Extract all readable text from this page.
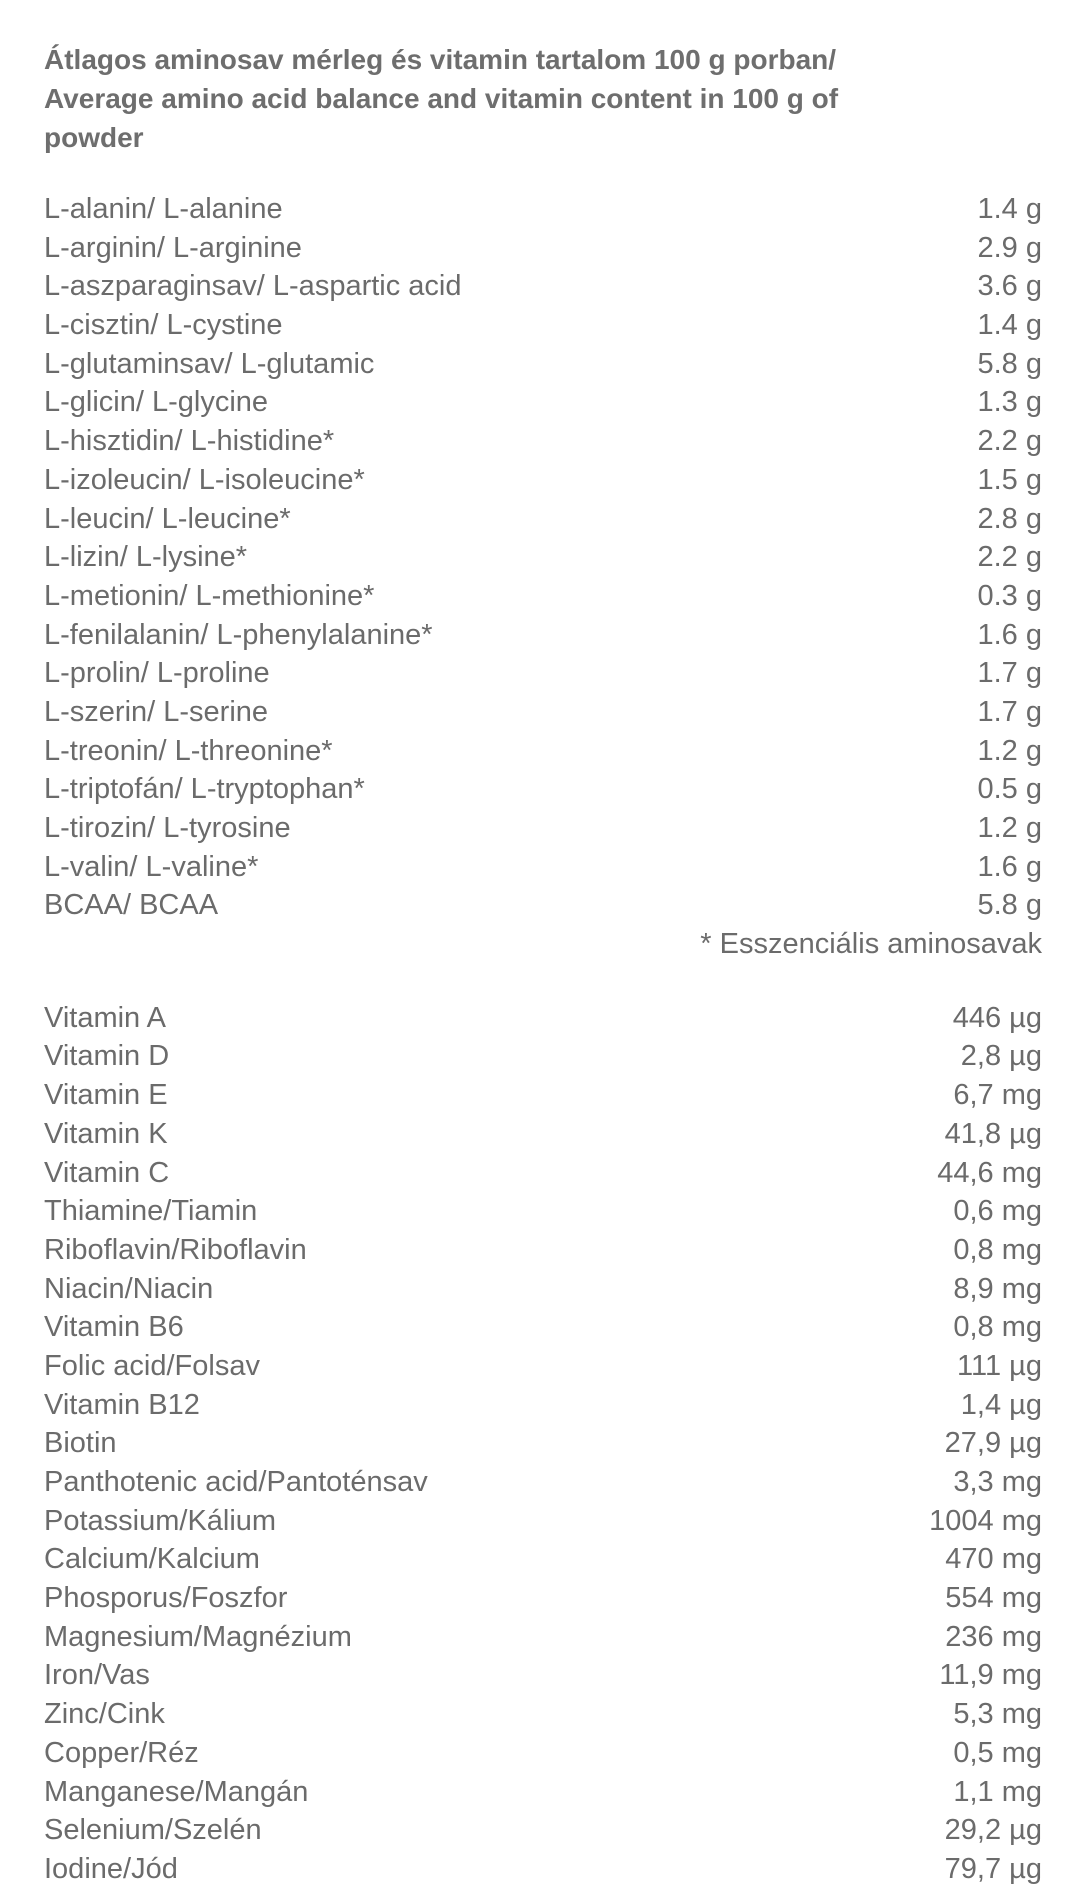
Átlagos aminosav mérleg és vitamin tartalom 100 g porban/
Average amino acid balance and vitamin content in 100 g of
powder
L-alanin/ L-alanine	1.4 g
L-arginin/ L-arginine	2.9 g
L-aszparaginsav/ L-aspartic acid	3.6 g
L-cisztin/ L-cystine	1.4 g
L-glutaminsav/ L-glutamic	5.8 g
L-glicin/ L-glycine	1.3 g
L-hisztidin/ L-histidine*	2.2 g
L-izoleucin/ L-isoleucine*	1.5 g
L-leucin/ L-leucine*	2.8 g
L-lizin/ L-lysine*	2.2 g
L-metionin/ L-methionine*	0.3 g
L-fenilalanin/ L-phenylalanine*	1.6 g
L-prolin/ L-proline	1.7 g
L-szerin/ L-serine	1.7 g
L-treonin/ L-threonine*	1.2 g
L-triptofán/ L-tryptophan*	0.5 g
L-tirozin/ L-tyrosine	1.2 g
L-valin/ L-valine*	1.6 g
BCAA/ BCAA	5.8 g
* Esszenciális aminosavak
Vitamin A	446 µg
Vitamin D	2,8 µg
Vitamin E	6,7 mg
Vitamin K	41,8 µg
Vitamin C	44,6 mg
Thiamine/Tiamin	0,6 mg
Riboflavin/Riboflavin	0,8 mg
Niacin/Niacin	8,9 mg
Vitamin B6	0,8 mg
Folic acid/Folsav	111 µg
Vitamin B12	1,4 µg
Biotin	27,9 µg
Panthotenic acid/Pantoténsav	3,3 mg
Potassium/Kálium	1004 mg
Calcium/Kalcium	470 mg
Phosporus/Foszfor	554 mg
Magnesium/Magnézium	236 mg
Iron/Vas	11,9 mg
Zinc/Cink	5,3 mg
Copper/Réz	0,5 mg
Manganese/Mangán	1,1 mg
Selenium/Szelén	29,2 µg
Iodine/Jód	79,7 µg
